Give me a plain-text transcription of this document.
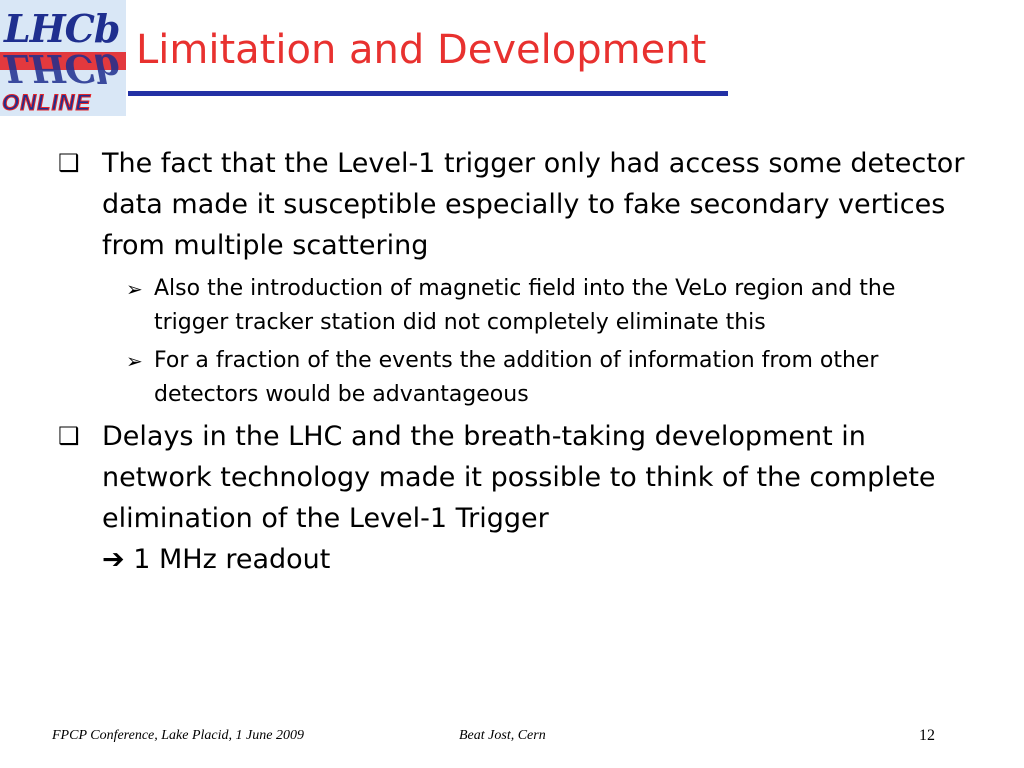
LHCb
LHCb
ONLINE
Limitation and Development
❑ The fact that the Level-1 trigger only had access some detector data made it susceptible especially to fake secondary vertices from multiple scattering
➢ Also the introduction of magnetic field into the VeLo region and the trigger tracker station did not completely eliminate this
➢ For a fraction of the events the addition of information from other detectors would be advantageous
❑ Delays in the LHC and the breath-taking development in network technology made it possible to think of the complete elimination of the Level-1 Trigger
➔ 1 MHz readout
FPCP Conference, Lake Placid, 1 June 2009	Beat Jost, Cern	12
